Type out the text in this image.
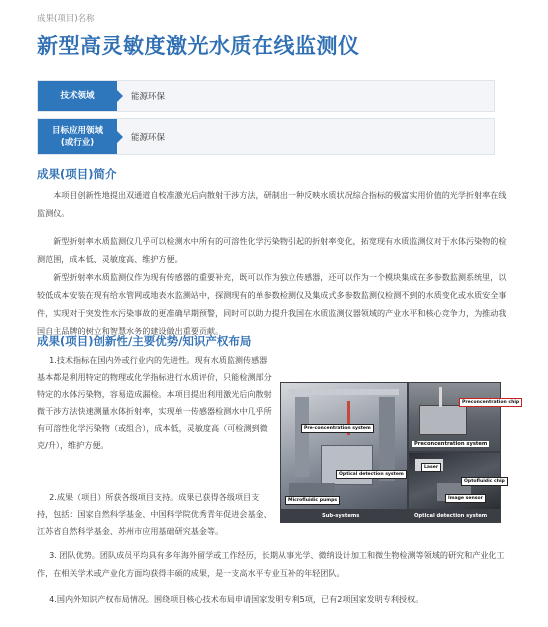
成果(项目)名称
新型高灵敏度激光水质在线监测仪
技术领域	能源环保
目标应用领域
(或行业)	能源环保
成果(项目)简介

本项目创新性地提出双通道自校准激光后向散射干涉方法，研制出一种反映水质状况综合指标的极富实用价值的光学折射率在线监测仪。

新型折射率水质监测仪几乎可以检测水中所有的可溶性化学污染物引起的折射率变化，拓宽现有水质监测仪对于水体污染物的检测范围，成本低、灵敏度高、维护方便。

新型折射率水质监测仪作为现有传感器的重要补充，既可以作为独立传感器，还可以作为一个模块集成在多参数监测系统里，以较低成本安装在现有给水管网或地表水监测站中，探测现有的单参数检测仪及集成式多参数监测仪检测不到的水质变化或水质安全事件，实现对于突发性水污染事故的更准确早期预警，同时可以助力提升我国在水质监测仪器领域的产业水平和核心竞争力，为推动我国自主品牌的树立和智慧水务的建设做出重要贡献。

成果(项目)创新性/主要优势/知识产权布局

1.技术指标在国内外或行业内的先进性。现有水质监测传感器基本都是利用特定的物理或化学指标进行水质评价，只能检测部分特定的水体污染物，容易造成漏检。本项目提出利用激光后向散射微干涉方法快速测量水体折射率，实现单一传感器检测水中几乎所有可溶性化学污染物（或组合），成本低，灵敏度高（可检测到微克/升），维护方便。

2.成果（项目）所获各级项目支持。成果已获得各级项目支持，包括：国家自然科学基金、中国科学院优秀青年促进会基金、江苏省自然科学基金、苏州市应用基础研究基金等。

3. 团队优势。团队成员平均具有多年海外留学或工作经历，长期从事光学、微纳设计加工和微生物检测等领域的研究和产业化工作，在相关学术或产业化方面均获得丰硕的成果，是一支高水平专业互补的年轻团队。

4.国内外知识产权布局情况。围绕项目核心技术布局申请国家发明专利5项，已有2项国家发明专利授权。

Pre-concentration system
Optical detection system
Microfluidic pumps
Preconcentration chip
Laser
Optofluidic chip
Image sensor
Sub-systems
Preconcentration system
Optical detection system
